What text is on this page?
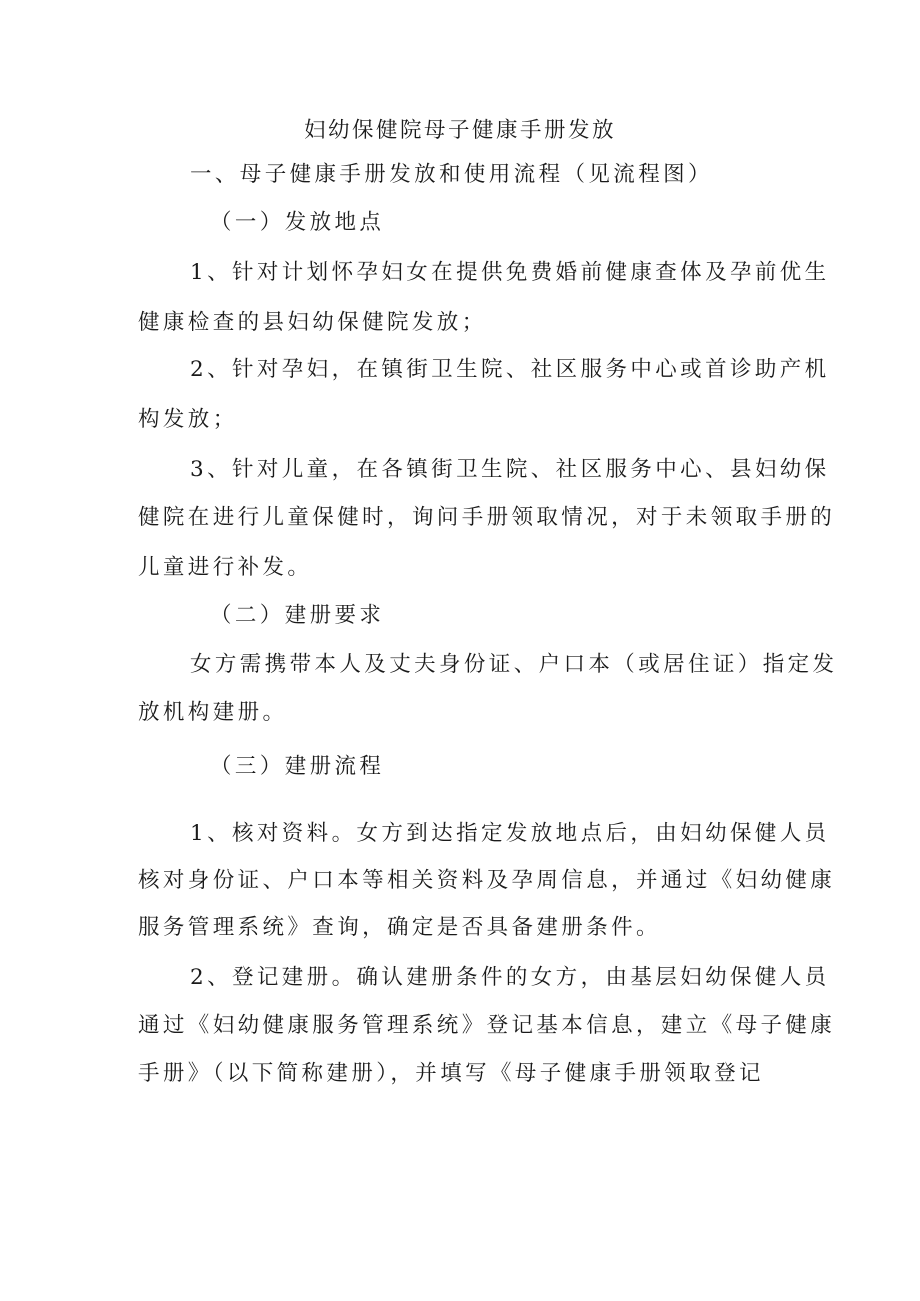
妇幼保健院母子健康手册发放
一、母子健康手册发放和使用流程（见流程图）
（一）发放地点
1、针对计划怀孕妇女在提供免费婚前健康查体及孕前优生
健康检查的县妇幼保健院发放；
2、针对孕妇，在镇街卫生院、社区服务中心或首诊助产机
构发放；
3、针对儿童，在各镇街卫生院、社区服务中心、县妇幼保
健院在进行儿童保健时，询问手册领取情况，对于未领取手册的
儿童进行补发。
（二）建册要求
女方需携带本人及丈夫身份证、户口本（或居住证）指定发
放机构建册。
（三）建册流程
1、核对资料。女方到达指定发放地点后，由妇幼保健人员
核对身份证、户口本等相关资料及孕周信息，并通过《妇幼健康
服务管理系统》查询，确定是否具备建册条件。
2、登记建册。确认建册条件的女方，由基层妇幼保健人员
通过《妇幼健康服务管理系统》登记基本信息，建立《母子健康
手册》（以下简称建册），并填写《母子健康手册领取登记
